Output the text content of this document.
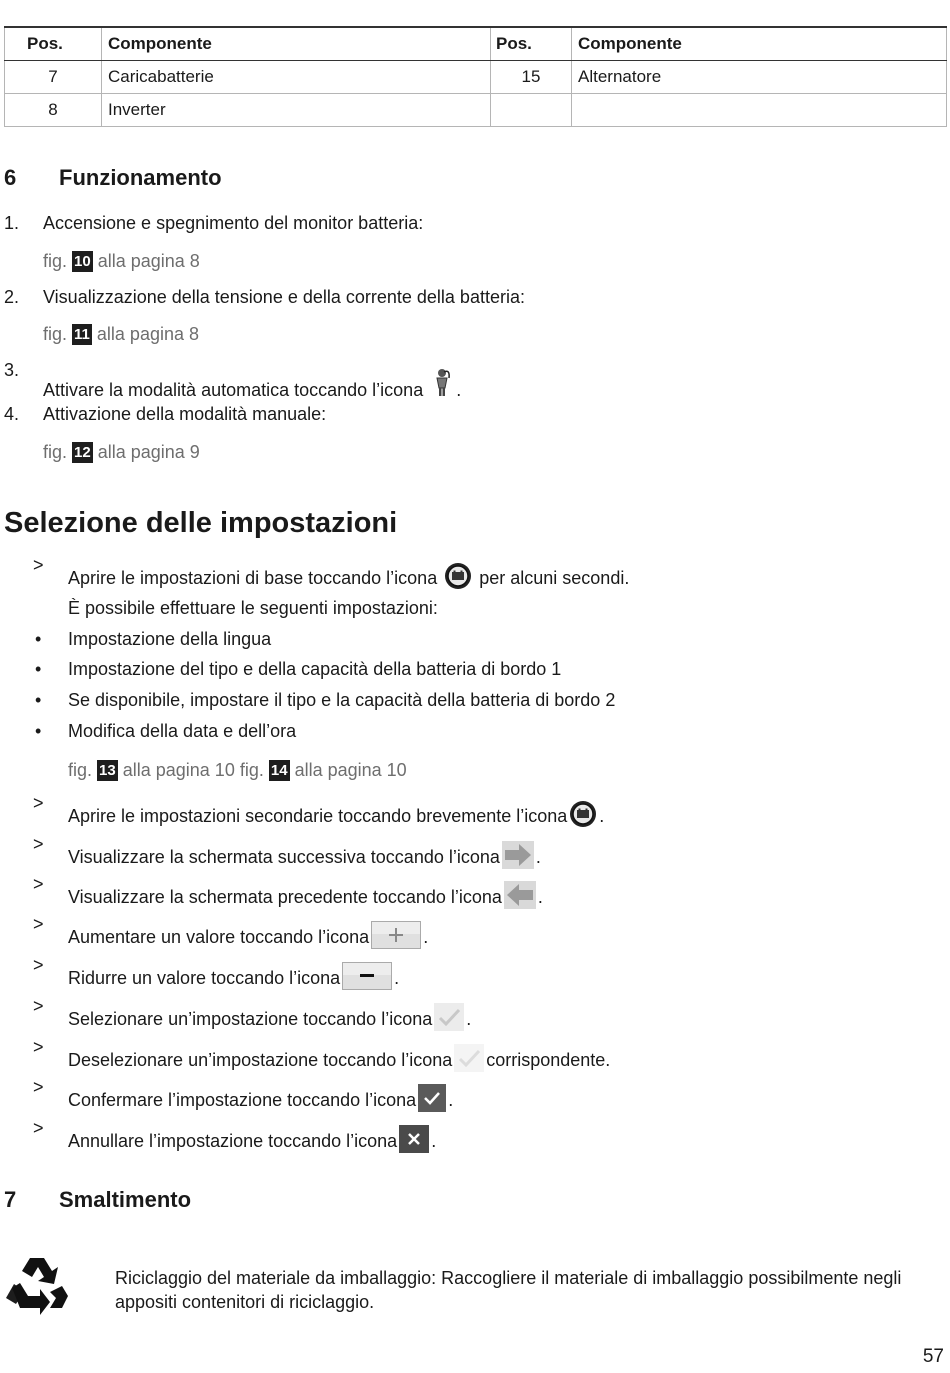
Pos.	Componente	Pos.	Componente
7	Caricabatterie	15	Alternatore
8	Inverter		
6 Funzionamento
1. Accensione e spegnimento del monitor batteria:
fig. 10 alla pagina 8
2. Visualizzazione della tensione e della corrente della batteria:
fig. 11 alla pagina 8
3.
Attivare la modalità automatica toccando l’icona .
4. Attivazione della modalità manuale:
fig. 12 alla pagina 9
Selezione delle impostazioni
>
Aprire le impostazioni di base toccando l’icona per alcuni secondi.
È possibile effettuare le seguenti impostazioni:
• Impostazione della lingua
• Impostazione del tipo e della capacità della batteria di bordo 1
• Se disponibile, impostare il tipo e la capacità della batteria di bordo 2
• Modifica della data e dell’ora
fig. 13 alla pagina 10 fig. 14 alla pagina 10
>
Aprire le impostazioni secondarie toccando brevemente l’icona .
>
Visualizzare la schermata successiva toccando l’icona .
>
Visualizzare la schermata precedente toccando l’icona .
>
Aumentare un valore toccando l’icona	.
>
Ridurre un valore toccando l’icona	.
>
Selezionare un’impostazione toccando l’icona .
>
Deselezionare un’impostazione toccando l’icona corrispondente.
>
Confermare l’impostazione toccando l’icona .
>
Annullare l’impostazione toccando l’icona .
7 Smaltimento
Riciclaggio del materiale da imballaggio: Raccogliere il materiale di imballaggio possibilmente negli appositi contenitori di riciclaggio.
57
